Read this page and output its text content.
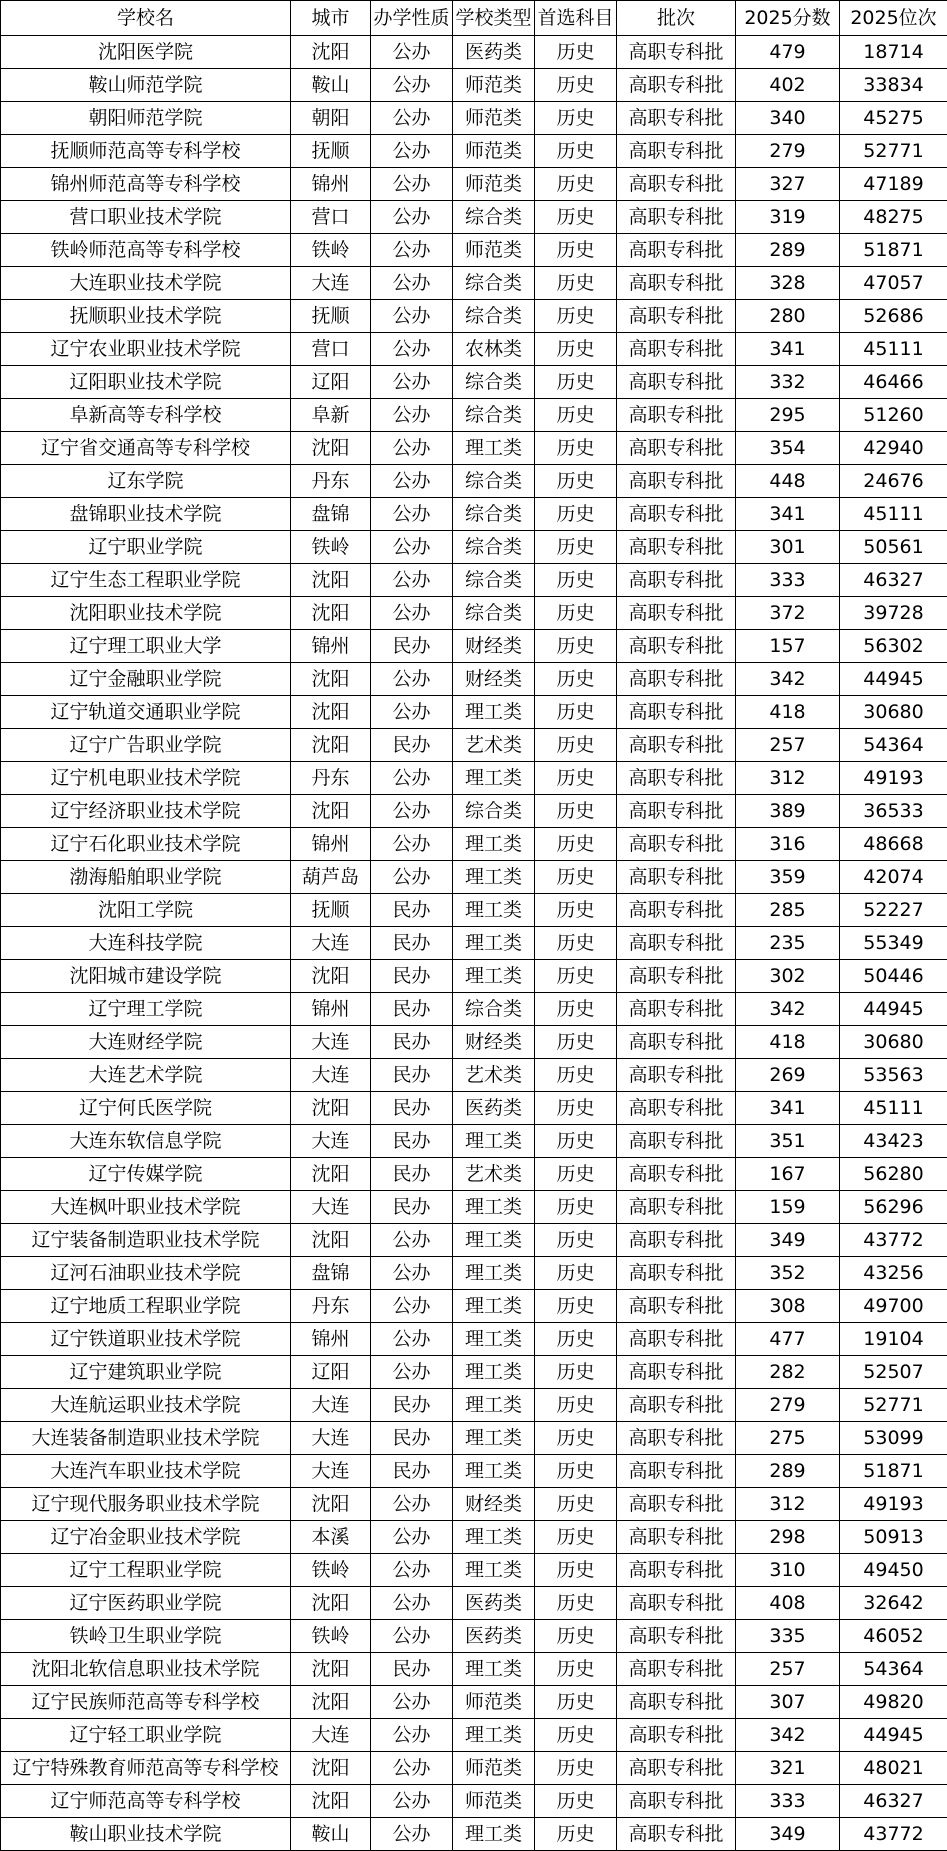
学校名	城市	办学性质	学校类型	首选科目	批次	2025分数	2025位次
沈阳医学院	沈阳	公办	医药类	历史	高职专科批	479	18714
鞍山师范学院	鞍山	公办	师范类	历史	高职专科批	402	33834
朝阳师范学院	朝阳	公办	师范类	历史	高职专科批	340	45275
抚顺师范高等专科学校	抚顺	公办	师范类	历史	高职专科批	279	52771
锦州师范高等专科学校	锦州	公办	师范类	历史	高职专科批	327	47189
营口职业技术学院	营口	公办	综合类	历史	高职专科批	319	48275
铁岭师范高等专科学校	铁岭	公办	师范类	历史	高职专科批	289	51871
大连职业技术学院	大连	公办	综合类	历史	高职专科批	328	47057
抚顺职业技术学院	抚顺	公办	综合类	历史	高职专科批	280	52686
辽宁农业职业技术学院	营口	公办	农林类	历史	高职专科批	341	45111
辽阳职业技术学院	辽阳	公办	综合类	历史	高职专科批	332	46466
阜新高等专科学校	阜新	公办	综合类	历史	高职专科批	295	51260
辽宁省交通高等专科学校	沈阳	公办	理工类	历史	高职专科批	354	42940
辽东学院	丹东	公办	综合类	历史	高职专科批	448	24676
盘锦职业技术学院	盘锦	公办	综合类	历史	高职专科批	341	45111
辽宁职业学院	铁岭	公办	综合类	历史	高职专科批	301	50561
辽宁生态工程职业学院	沈阳	公办	综合类	历史	高职专科批	333	46327
沈阳职业技术学院	沈阳	公办	综合类	历史	高职专科批	372	39728
辽宁理工职业大学	锦州	民办	财经类	历史	高职专科批	157	56302
辽宁金融职业学院	沈阳	公办	财经类	历史	高职专科批	342	44945
辽宁轨道交通职业学院	沈阳	公办	理工类	历史	高职专科批	418	30680
辽宁广告职业学院	沈阳	民办	艺术类	历史	高职专科批	257	54364
辽宁机电职业技术学院	丹东	公办	理工类	历史	高职专科批	312	49193
辽宁经济职业技术学院	沈阳	公办	综合类	历史	高职专科批	389	36533
辽宁石化职业技术学院	锦州	公办	理工类	历史	高职专科批	316	48668
渤海船舶职业学院	葫芦岛	公办	理工类	历史	高职专科批	359	42074
沈阳工学院	抚顺	民办	理工类	历史	高职专科批	285	52227
大连科技学院	大连	民办	理工类	历史	高职专科批	235	55349
沈阳城市建设学院	沈阳	民办	理工类	历史	高职专科批	302	50446
辽宁理工学院	锦州	民办	综合类	历史	高职专科批	342	44945
大连财经学院	大连	民办	财经类	历史	高职专科批	418	30680
大连艺术学院	大连	民办	艺术类	历史	高职专科批	269	53563
辽宁何氏医学院	沈阳	民办	医药类	历史	高职专科批	341	45111
大连东软信息学院	大连	民办	理工类	历史	高职专科批	351	43423
辽宁传媒学院	沈阳	民办	艺术类	历史	高职专科批	167	56280
大连枫叶职业技术学院	大连	民办	理工类	历史	高职专科批	159	56296
辽宁装备制造职业技术学院	沈阳	公办	理工类	历史	高职专科批	349	43772
辽河石油职业技术学院	盘锦	公办	理工类	历史	高职专科批	352	43256
辽宁地质工程职业学院	丹东	公办	理工类	历史	高职专科批	308	49700
辽宁铁道职业技术学院	锦州	公办	理工类	历史	高职专科批	477	19104
辽宁建筑职业学院	辽阳	公办	理工类	历史	高职专科批	282	52507
大连航运职业技术学院	大连	民办	理工类	历史	高职专科批	279	52771
大连装备制造职业技术学院	大连	民办	理工类	历史	高职专科批	275	53099
大连汽车职业技术学院	大连	民办	理工类	历史	高职专科批	289	51871
辽宁现代服务职业技术学院	沈阳	公办	财经类	历史	高职专科批	312	49193
辽宁冶金职业技术学院	本溪	公办	理工类	历史	高职专科批	298	50913
辽宁工程职业学院	铁岭	公办	理工类	历史	高职专科批	310	49450
辽宁医药职业学院	沈阳	公办	医药类	历史	高职专科批	408	32642
铁岭卫生职业学院	铁岭	公办	医药类	历史	高职专科批	335	46052
沈阳北软信息职业技术学院	沈阳	民办	理工类	历史	高职专科批	257	54364
辽宁民族师范高等专科学校	沈阳	公办	师范类	历史	高职专科批	307	49820
辽宁轻工职业学院	大连	公办	理工类	历史	高职专科批	342	44945
辽宁特殊教育师范高等专科学校	沈阳	公办	师范类	历史	高职专科批	321	48021
辽宁师范高等专科学校	沈阳	公办	师范类	历史	高职专科批	333	46327
鞍山职业技术学院	鞍山	公办	理工类	历史	高职专科批	349	43772
